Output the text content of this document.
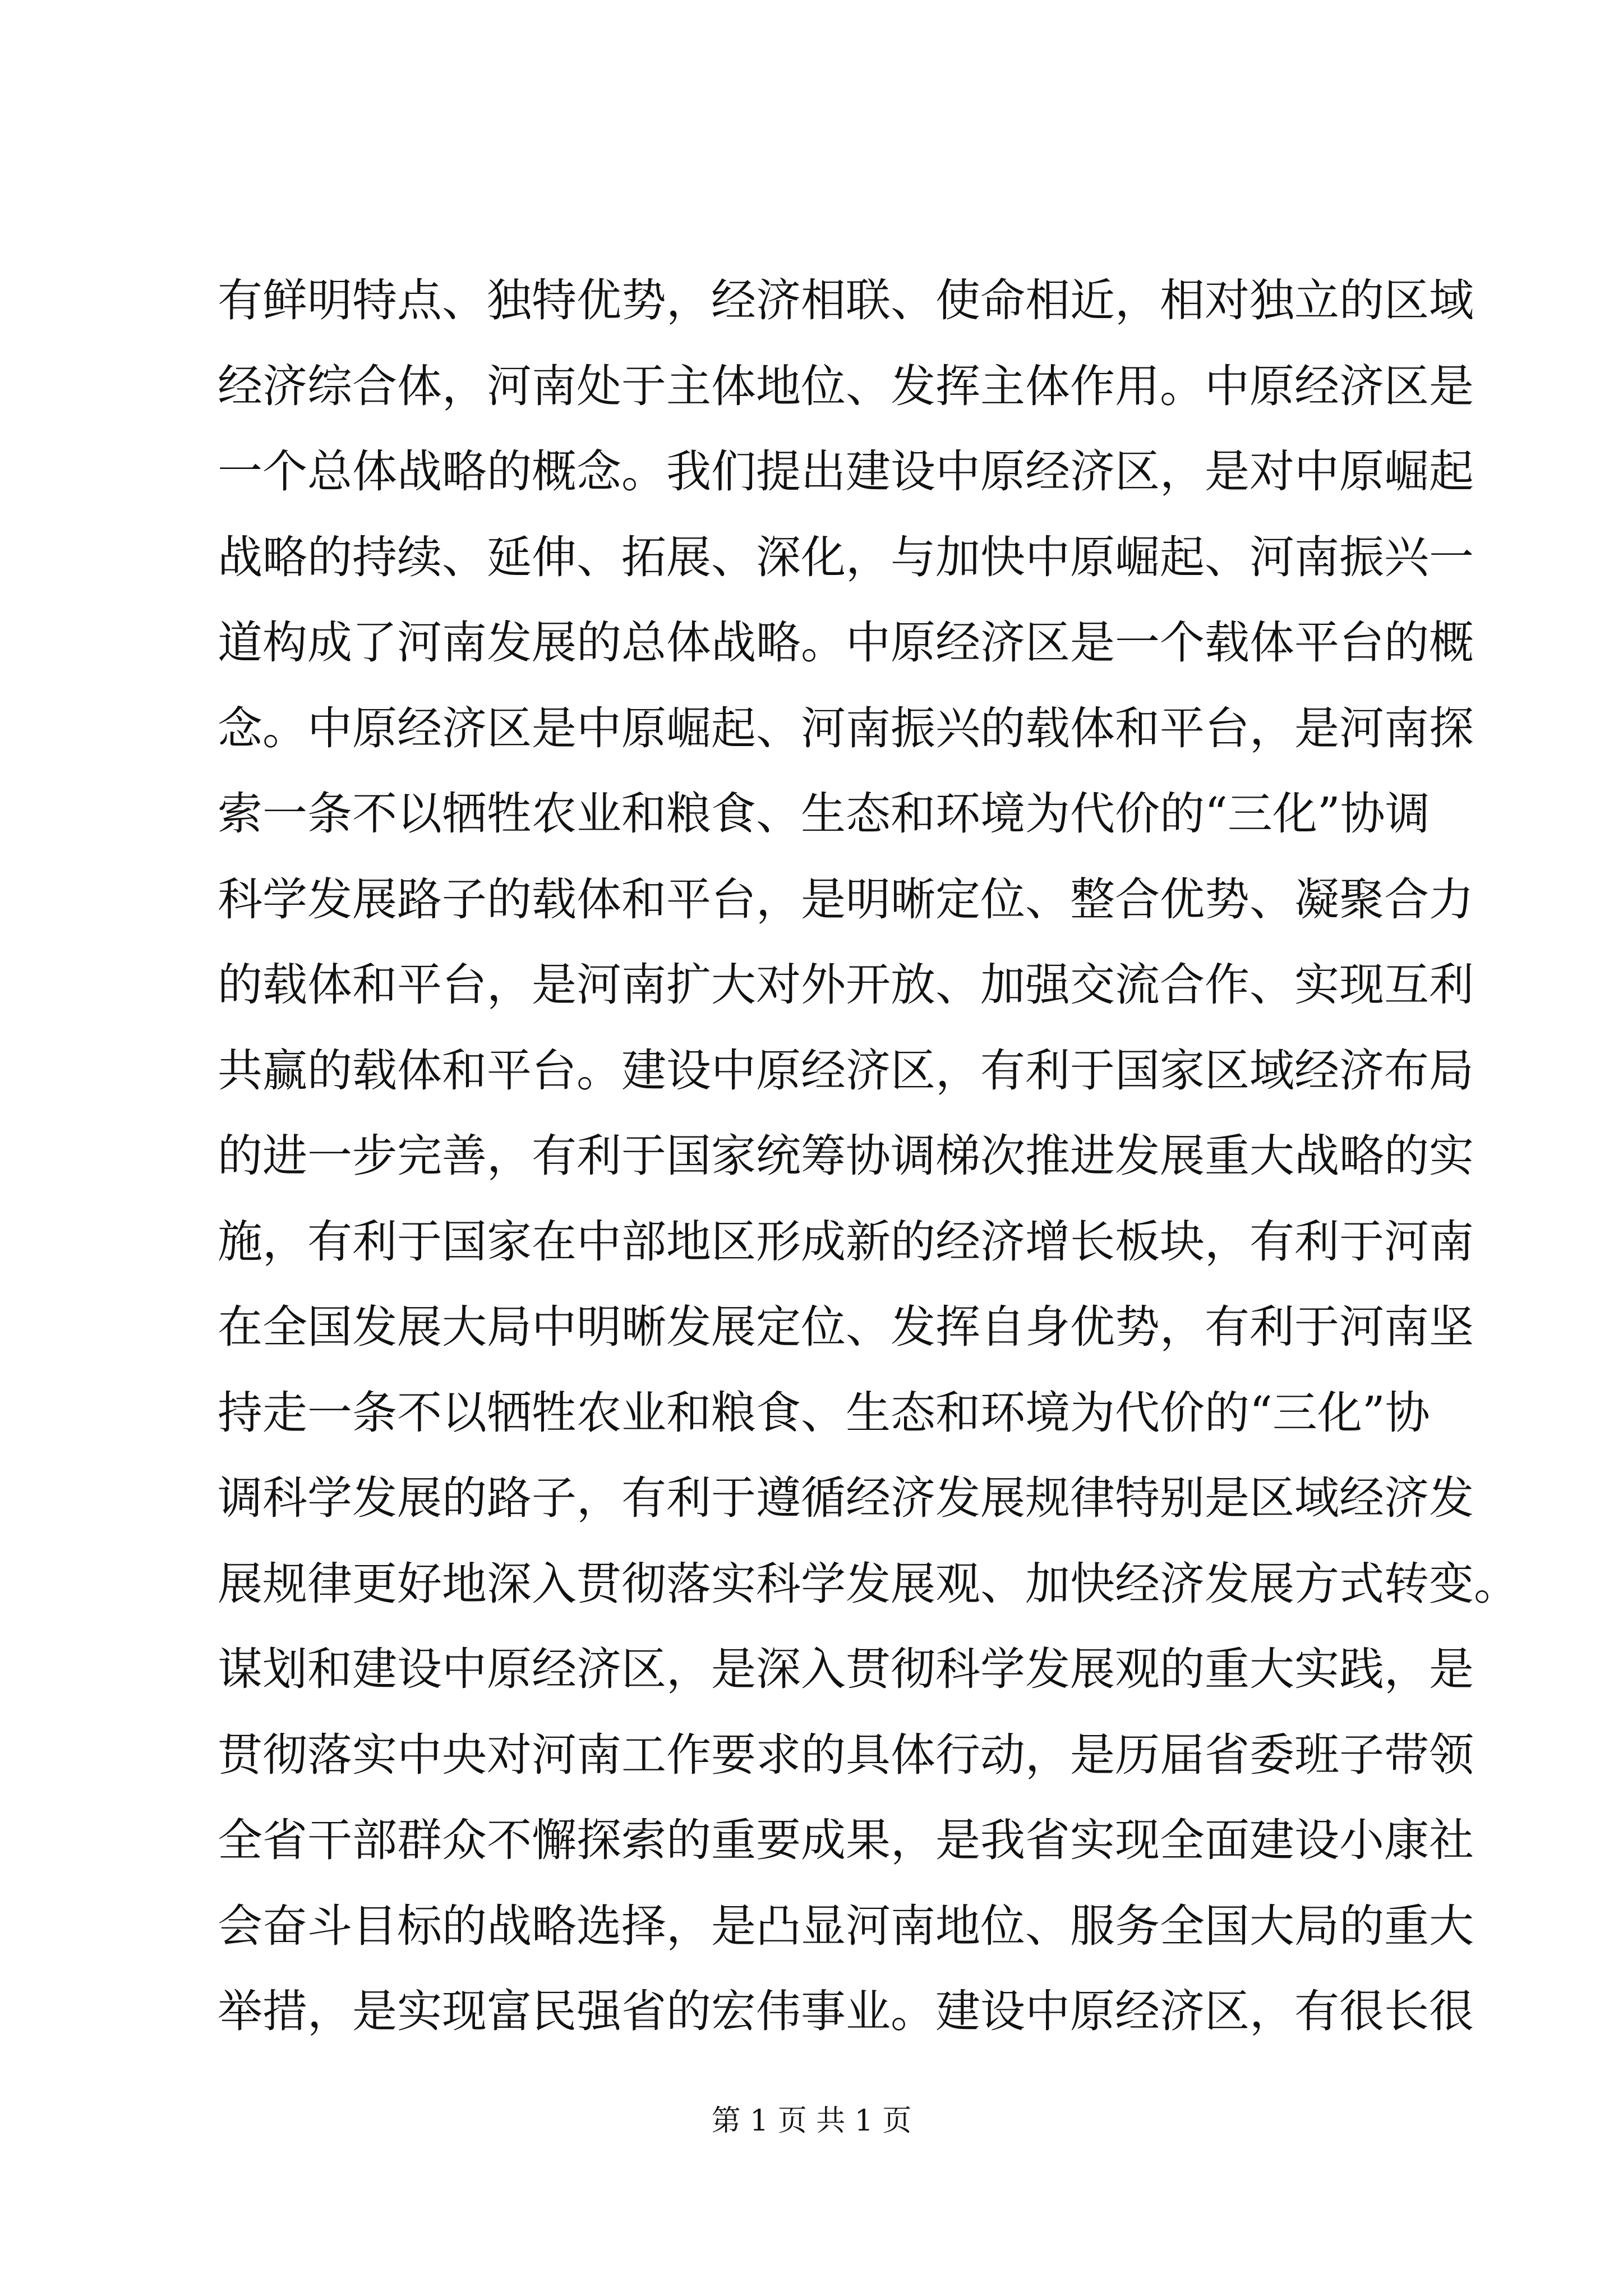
有鲜明特点、独特优势，经济相联、使命相近，相对独立的区域
经济综合体，河南处于主体地位、发挥主体作用。中原经济区是
一个总体战略的概念。我们提出建设中原经济区，是对中原崛起
战略的持续、延伸、拓展、深化，与加快中原崛起、河南振兴一
道构成了河南发展的总体战略。中原经济区是一个载体平台的概
念。中原经济区是中原崛起、河南振兴的载体和平台，是河南探
索一条不以牺牲农业和粮食、生态和环境为代价的“三化”协调
科学发展路子的载体和平台，是明晰定位、整合优势、凝聚合力
的载体和平台，是河南扩大对外开放、加强交流合作、实现互利
共赢的载体和平台。建设中原经济区，有利于国家区域经济布局
的进一步完善，有利于国家统筹协调梯次推进发展重大战略的实
施，有利于国家在中部地区形成新的经济增长板块，有利于河南
在全国发展大局中明晰发展定位、发挥自身优势，有利于河南坚
持走一条不以牺牲农业和粮食、生态和环境为代价的“三化”协
调科学发展的路子，有利于遵循经济发展规律特别是区域经济发
展规律更好地深入贯彻落实科学发展观、加快经济发展方式转变。
谋划和建设中原经济区，是深入贯彻科学发展观的重大实践，是
贯彻落实中央对河南工作要求的具体行动，是历届省委班子带领
全省干部群众不懈探索的重要成果，是我省实现全面建设小康社
会奋斗目标的战略选择，是凸显河南地位、服务全国大局的重大
举措，是实现富民强省的宏伟事业。建设中原经济区，有很长很
第 1 页 共 1 页
